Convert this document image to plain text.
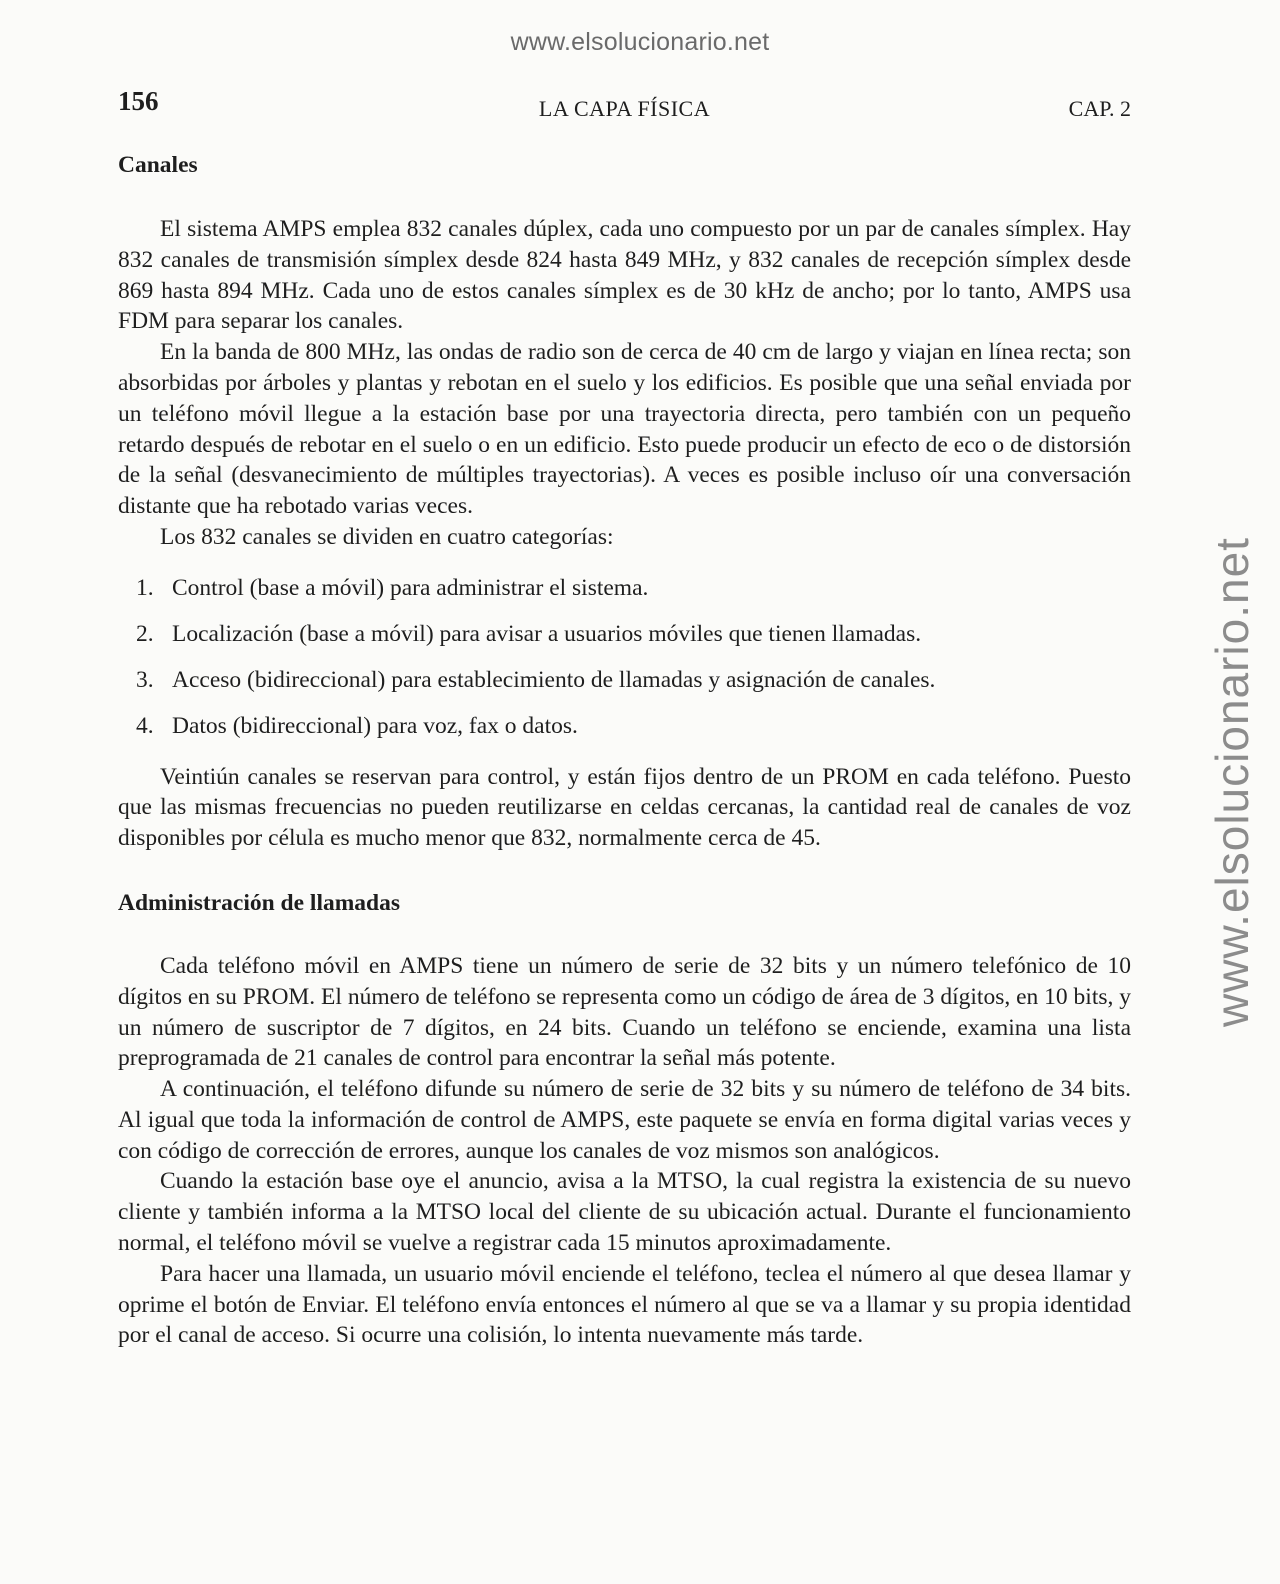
www.elsolucionario.net
www.elsolucionario.net
156	LA CAPA FÍSICA	CAP. 2
Canales

El sistema AMPS emplea 832 canales dúplex, cada uno compuesto por un par de canales símplex. Hay 832 canales de transmisión símplex desde 824 hasta 849 MHz, y 832 canales de recepción símplex desde 869 hasta 894 MHz. Cada uno de estos canales símplex es de 30 kHz de ancho; por lo tanto, AMPS usa FDM para separar los canales.

En la banda de 800 MHz, las ondas de radio son de cerca de 40 cm de largo y viajan en línea recta; son absorbidas por árboles y plantas y rebotan en el suelo y los edificios. Es posible que una señal enviada por un teléfono móvil llegue a la estación base por una trayectoria directa, pero también con un pequeño retardo después de rebotar en el suelo o en un edificio. Esto puede producir un efecto de eco o de distorsión de la señal (desvanecimiento de múltiples trayectorias). A veces es posible incluso oír una conversación distante que ha rebotado varias veces.

Los 832 canales se dividen en cuatro categorías:

1. Control (base a móvil) para administrar el sistema.
2. Localización (base a móvil) para avisar a usuarios móviles que tienen llamadas.
3. Acceso (bidireccional) para establecimiento de llamadas y asignación de canales.
4. Datos (bidireccional) para voz, fax o datos.

Veintiún canales se reservan para control, y están fijos dentro de un PROM en cada teléfono. Puesto que las mismas frecuencias no pueden reutilizarse en celdas cercanas, la cantidad real de canales de voz disponibles por célula es mucho menor que 832, normalmente cerca de 45.

Administración de llamadas

Cada teléfono móvil en AMPS tiene un número de serie de 32 bits y un número telefónico de 10 dígitos en su PROM. El número de teléfono se representa como un código de área de 3 dígitos, en 10 bits, y un número de suscriptor de 7 dígitos, en 24 bits. Cuando un teléfono se enciende, examina una lista preprogramada de 21 canales de control para encontrar la señal más potente.

A continuación, el teléfono difunde su número de serie de 32 bits y su número de teléfono de 34 bits. Al igual que toda la información de control de AMPS, este paquete se envía en forma digital varias veces y con código de corrección de errores, aunque los canales de voz mismos son analógicos.

Cuando la estación base oye el anuncio, avisa a la MTSO, la cual registra la existencia de su nuevo cliente y también informa a la MTSO local del cliente de su ubicación actual. Durante el funcionamiento normal, el teléfono móvil se vuelve a registrar cada 15 minutos aproximadamente.

Para hacer una llamada, un usuario móvil enciende el teléfono, teclea el número al que desea llamar y oprime el botón de Enviar. El teléfono envía entonces el número al que se va a llamar y su propia identidad por el canal de acceso. Si ocurre una colisión, lo intenta nuevamente más tarde.
